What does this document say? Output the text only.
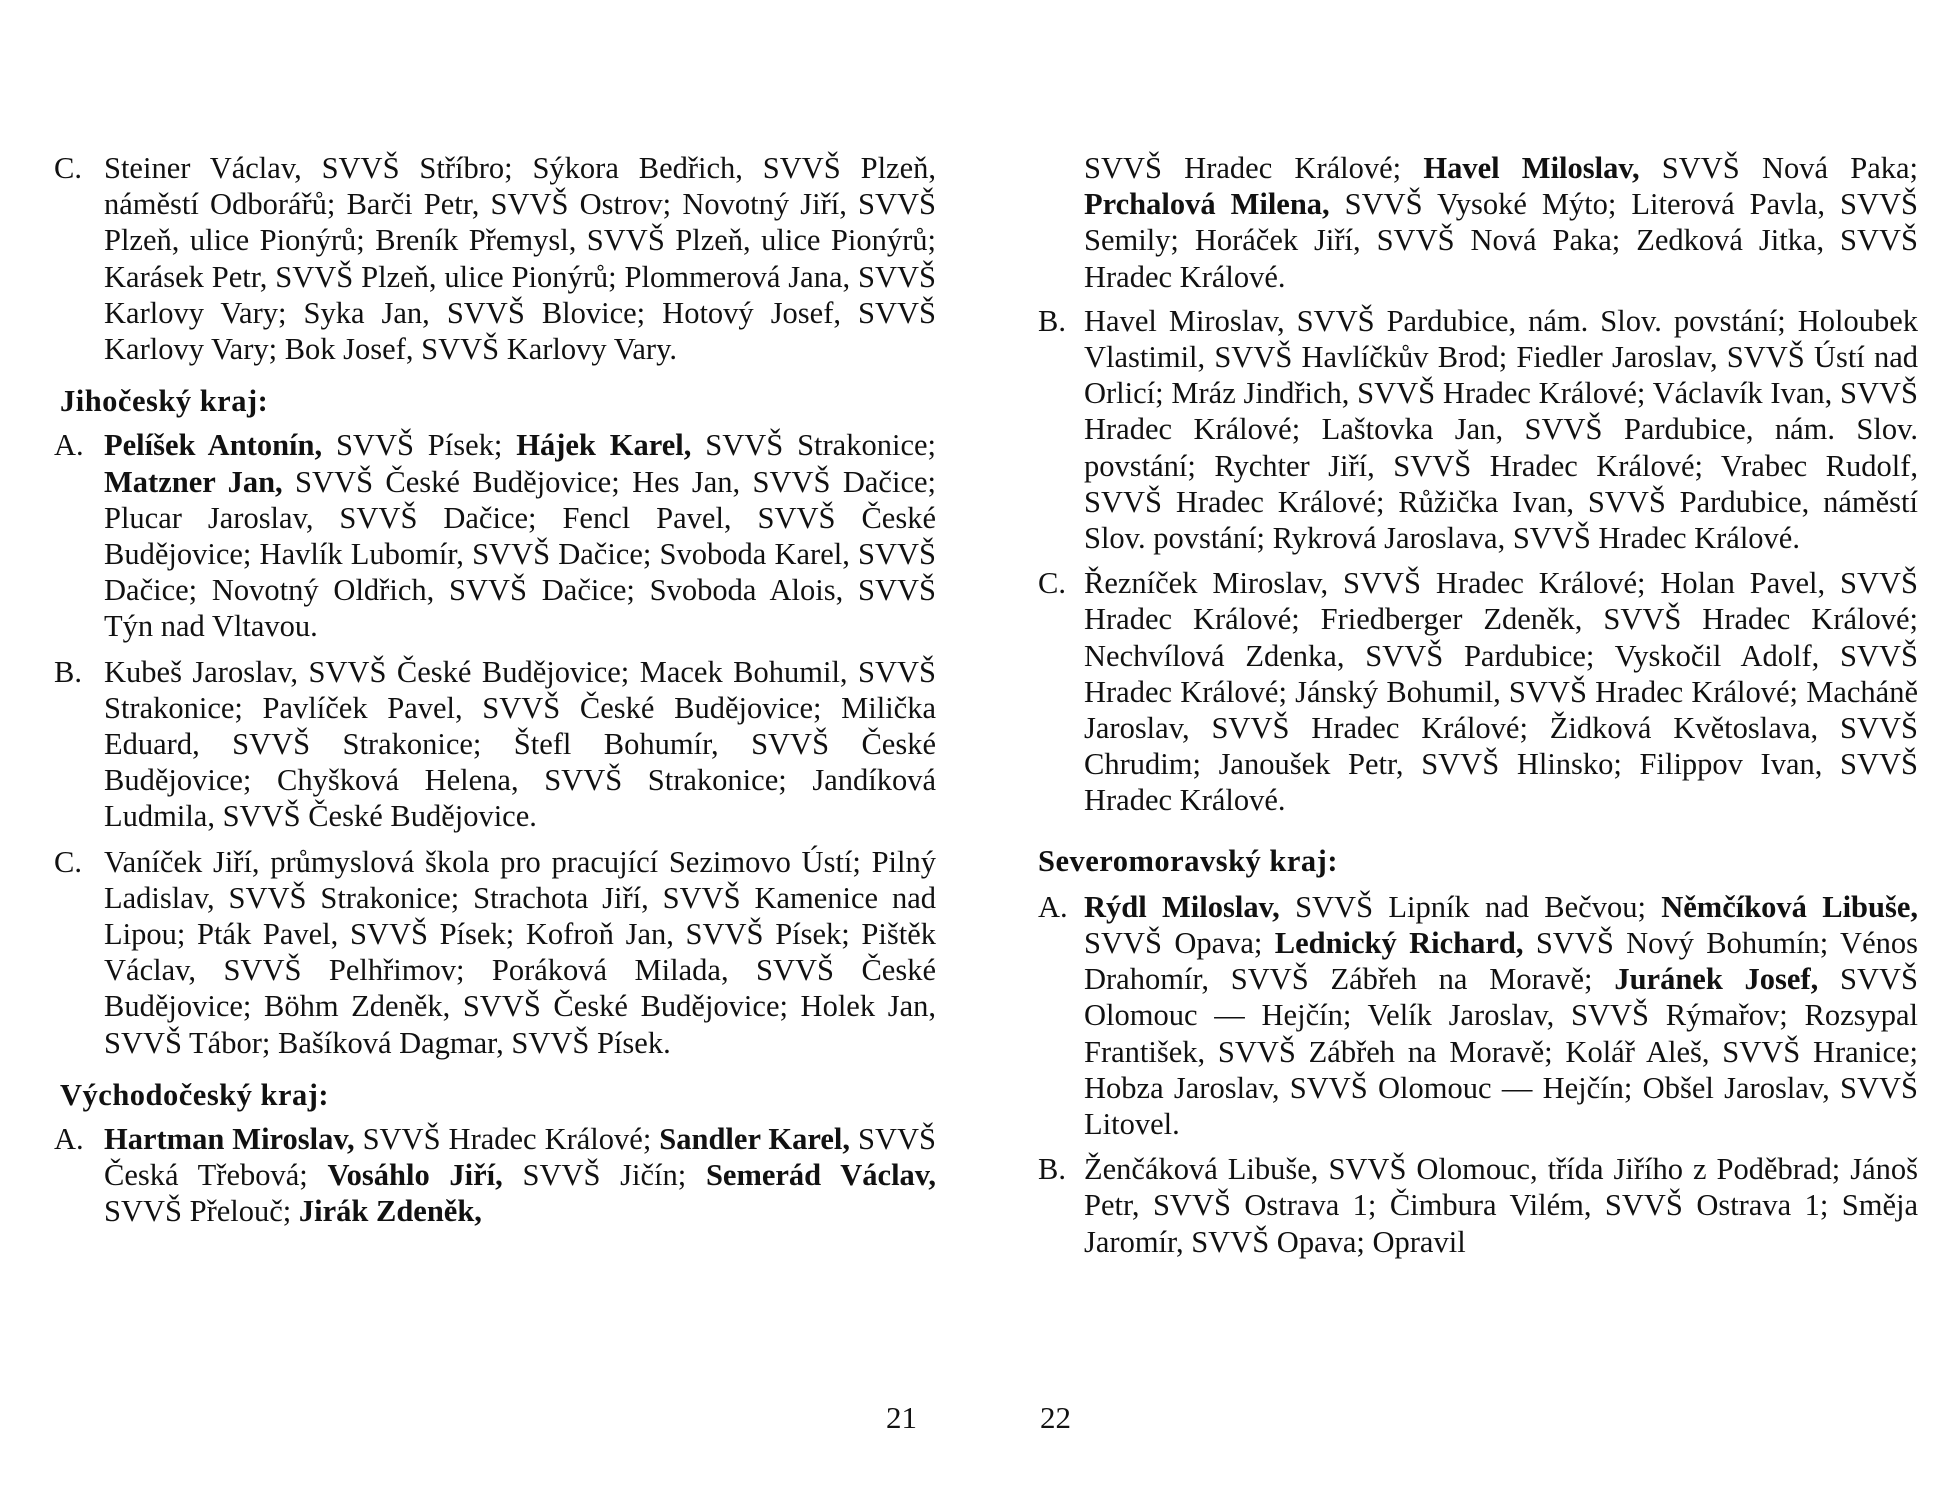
C. Steiner Václav, SVVŠ Stříbro; Sýkora Bedřich, SVVŠ Plzeň, náměstí Odborářů; Barči Petr, SVVŠ Ostrov; Novotný Jiří, SVVŠ Plzeň, ulice Pionýrů; Breník Přemysl, SVVŠ Plzeň, ulice Pionýrů; Karásek Petr, SVVŠ Plzeň, ulice Pionýrů; Plommerová Jana, SVVŠ Karlovy Vary; Syka Jan, SVVŠ Blovice; Hotový Josef, SVVŠ Karlovy Vary; Bok Josef, SVVŠ Karlovy Vary.
Jihočeský kraj:
A. Pelíšek Antonín, SVVŠ Písek; Hájek Karel, SVVŠ Strakonice; Matzner Jan, SVVŠ České Budějovice; Hes Jan, SVVŠ Dačice; Plucar Jaroslav, SVVŠ Dačice; Fencl Pavel, SVVŠ České Budějovice; Havlík Lubomír, SVVŠ Dačice; Svoboda Karel, SVVŠ Dačice; Novotný Oldřich, SVVŠ Dačice; Svoboda Alois, SVVŠ Týn nad Vltavou.
B. Kubeš Jaroslav, SVVŠ České Budějovice; Macek Bohumil, SVVŠ Strakonice; Pavlíček Pavel, SVVŠ České Budějovice; Milička Eduard, SVVŠ Strakonice; Štefl Bohumír, SVVŠ České Budějovice; Chyšková Helena, SVVŠ Strakonice; Jandíková Ludmila, SVVŠ České Budějovice.
C. Vaníček Jiří, průmyslová škola pro pracující Sezimovo Ústí; Pilný Ladislav, SVVŠ Strakonice; Strachota Jiří, SVVŠ Kamenice nad Lipou; Pták Pavel, SVVŠ Písek; Kofroň Jan, SVVŠ Písek; Pištěk Václav, SVVŠ Pelhřimov; Poráková Milada, SVVŠ České Budějovice; Böhm Zdeněk, SVVŠ České Budějovice; Holek Jan, SVVŠ Tábor; Bašíková Dagmar, SVVŠ Písek.
Východočeský kraj:
A. Hartman Miroslav, SVVŠ Hradec Králové; Sandler Karel, SVVŠ Česká Třebová; Vosáhlo Jiří, SVVŠ Jičín; Semerád Václav, SVVŠ Přelouč; Jirák Zdeněk,
21
SVVŠ Hradec Králové; Havel Miloslav, SVVŠ Nová Paka; Prchalová Milena, SVVŠ Vysoké Mýto; Literová Pavla, SVVŠ Semily; Horáček Jiří, SVVŠ Nová Paka; Zedková Jitka, SVVŠ Hradec Králové.
B. Havel Miroslav, SVVŠ Pardubice, nám. Slov. povstání; Holoubek Vlastimil, SVVŠ Havlíčkův Brod; Fiedler Jaroslav, SVVŠ Ústí nad Orlicí; Mráz Jindřich, SVVŠ Hradec Králové; Václavík Ivan, SVVŠ Hradec Králové; Laštovka Jan, SVVŠ Pardubice, nám. Slov. povstání; Rychter Jiří, SVVŠ Hradec Králové; Vrabec Rudolf, SVVŠ Hradec Králové; Růžička Ivan, SVVŠ Pardubice, náměstí Slov. povstání; Rykrová Jaroslava, SVVŠ Hradec Králové.
C. Řezníček Miroslav, SVVŠ Hradec Králové; Holan Pavel, SVVŠ Hradec Králové; Friedberger Zdeněk, SVVŠ Hradec Králové; Nechvílová Zdenka, SVVŠ Pardubice; Vyskočil Adolf, SVVŠ Hradec Králové; Jánský Bohumil, SVVŠ Hradec Králové; Macháně Jaroslav, SVVŠ Hradec Králové; Židková Květoslava, SVVŠ Chrudim; Janoušek Petr, SVVŠ Hlinsko; Filippov Ivan, SVVŠ Hradec Králové.
Severomoravský kraj:
A. Rýdl Miloslav, SVVŠ Lipník nad Bečvou; Němčíková Libuše, SVVŠ Opava; Lednický Richard, SVVŠ Nový Bohumín; Vénos Drahomír, SVVŠ Zábřeh na Moravě; Juránek Josef, SVVŠ Olomouc — Hejčín; Velík Jaroslav, SVVŠ Rýmařov; Rozsypal František, SVVŠ Zábřeh na Moravě; Kolář Aleš, SVVŠ Hranice; Hobza Jaroslav, SVVŠ Olomouc — Hejčín; Obšel Jaroslav, SVVŠ Litovel.
B. Ženčáková Libuše, SVVŠ Olomouc, třída Jiřího z Poděbrad; Jánoš Petr, SVVŠ Ostrava 1; Čimbura Vilém, SVVŠ Ostrava 1; Směja Jaromír, SVVŠ Opava; Opravil
22
